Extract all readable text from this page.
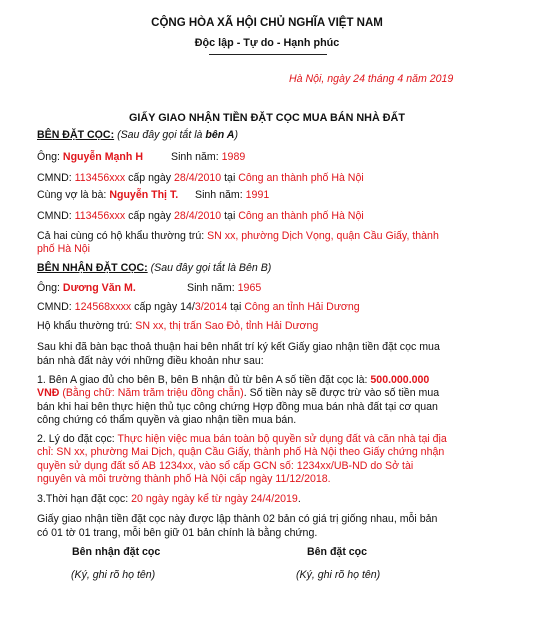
CỘNG HÒA XÃ HỘI CHỦ NGHĨA VIỆT NAM
Độc lập - Tự do - Hạnh phúc
Hà Nội, ngày 24 tháng 4 năm 2019
GIẤY GIAO NHẬN TIỀN ĐẶT CỌC MUA BÁN NHÀ ĐẤT
BÊN ĐẶT CỌC: (Sau đây gọi tắt là bên A)
Ông: Nguyễn Mạnh H	Sinh năm: 1989
CMND: 113456xxx cấp ngày 28/4/2010 tại Công an thành phố Hà Nội
Cùng vợ là bà: Nguyễn Thị T. Sinh năm: 1991
CMND: 113456xxx cấp ngày 28/4/2010 tại Công an thành phố Hà Nội
Cả hai cùng có hộ khẩu thường trú: SN xx, phường Dịch Vọng, quận Cầu Giấy, thành
phố Hà Nội
BÊN NHẬN ĐẶT CỌC: (Sau đây gọi tắt là Bên B)
Ông: Dương Văn M.	Sinh năm: 1965
CMND: 124568xxxx cấp ngày 14/3/2014 tại Công an tỉnh Hải Dương
Hộ khẩu thường trú: SN xx, thị trấn Sao Đỏ, tỉnh Hải Dương
Sau khi đã bàn bạc thoả thuận hai bên nhất trí ký kết Giấy giao nhận tiền đặt cọc mua
bán nhà đất này với những điều khoản như sau:
1. Bên A giao đủ cho bên B, bên B nhận đủ từ bên A số tiền đặt cọc là: 500.000.000
VNĐ (Bằng chữ: Năm trăm triệu đồng chẵn). Số tiền này sẽ được trừ vào số tiền mua
bán khi hai bên thực hiện thủ tục công chứng Hợp đồng mua bán nhà đất tại cơ quan
công chứng có thẩm quyền và giao nhận tiền mua bán.
2. Lý do đặt cọc: Thực hiện việc mua bán toàn bộ quyền sử dụng đất và căn nhà tại địa
chỉ: SN xx, phường Mai Dịch, quận Cầu Giấy, thành phố Hà Nội theo Giấy chứng nhận
quyền sử dụng đất số AB 1234xx, vào sổ cấp GCN số: 1234xx/UB-ND do Sở tài
nguyên và môi trường thành phố Hà Nội cấp ngày 11/12/2018.
3.Thời hạn đặt cọc: 20 ngày ngày kể từ ngày 24/4/2019.
Giấy giao nhận tiền đặt cọc này được lập thành 02 bản có giá trị giống nhau, mỗi bản
có 01 tờ 01 trang, mỗi bên giữ 01 bản chính là bằng chứng.
Bên nhận đặt cọc	Bên đặt cọc
(Ký, ghi rõ họ tên)	(Ký, ghi rõ họ tên)
